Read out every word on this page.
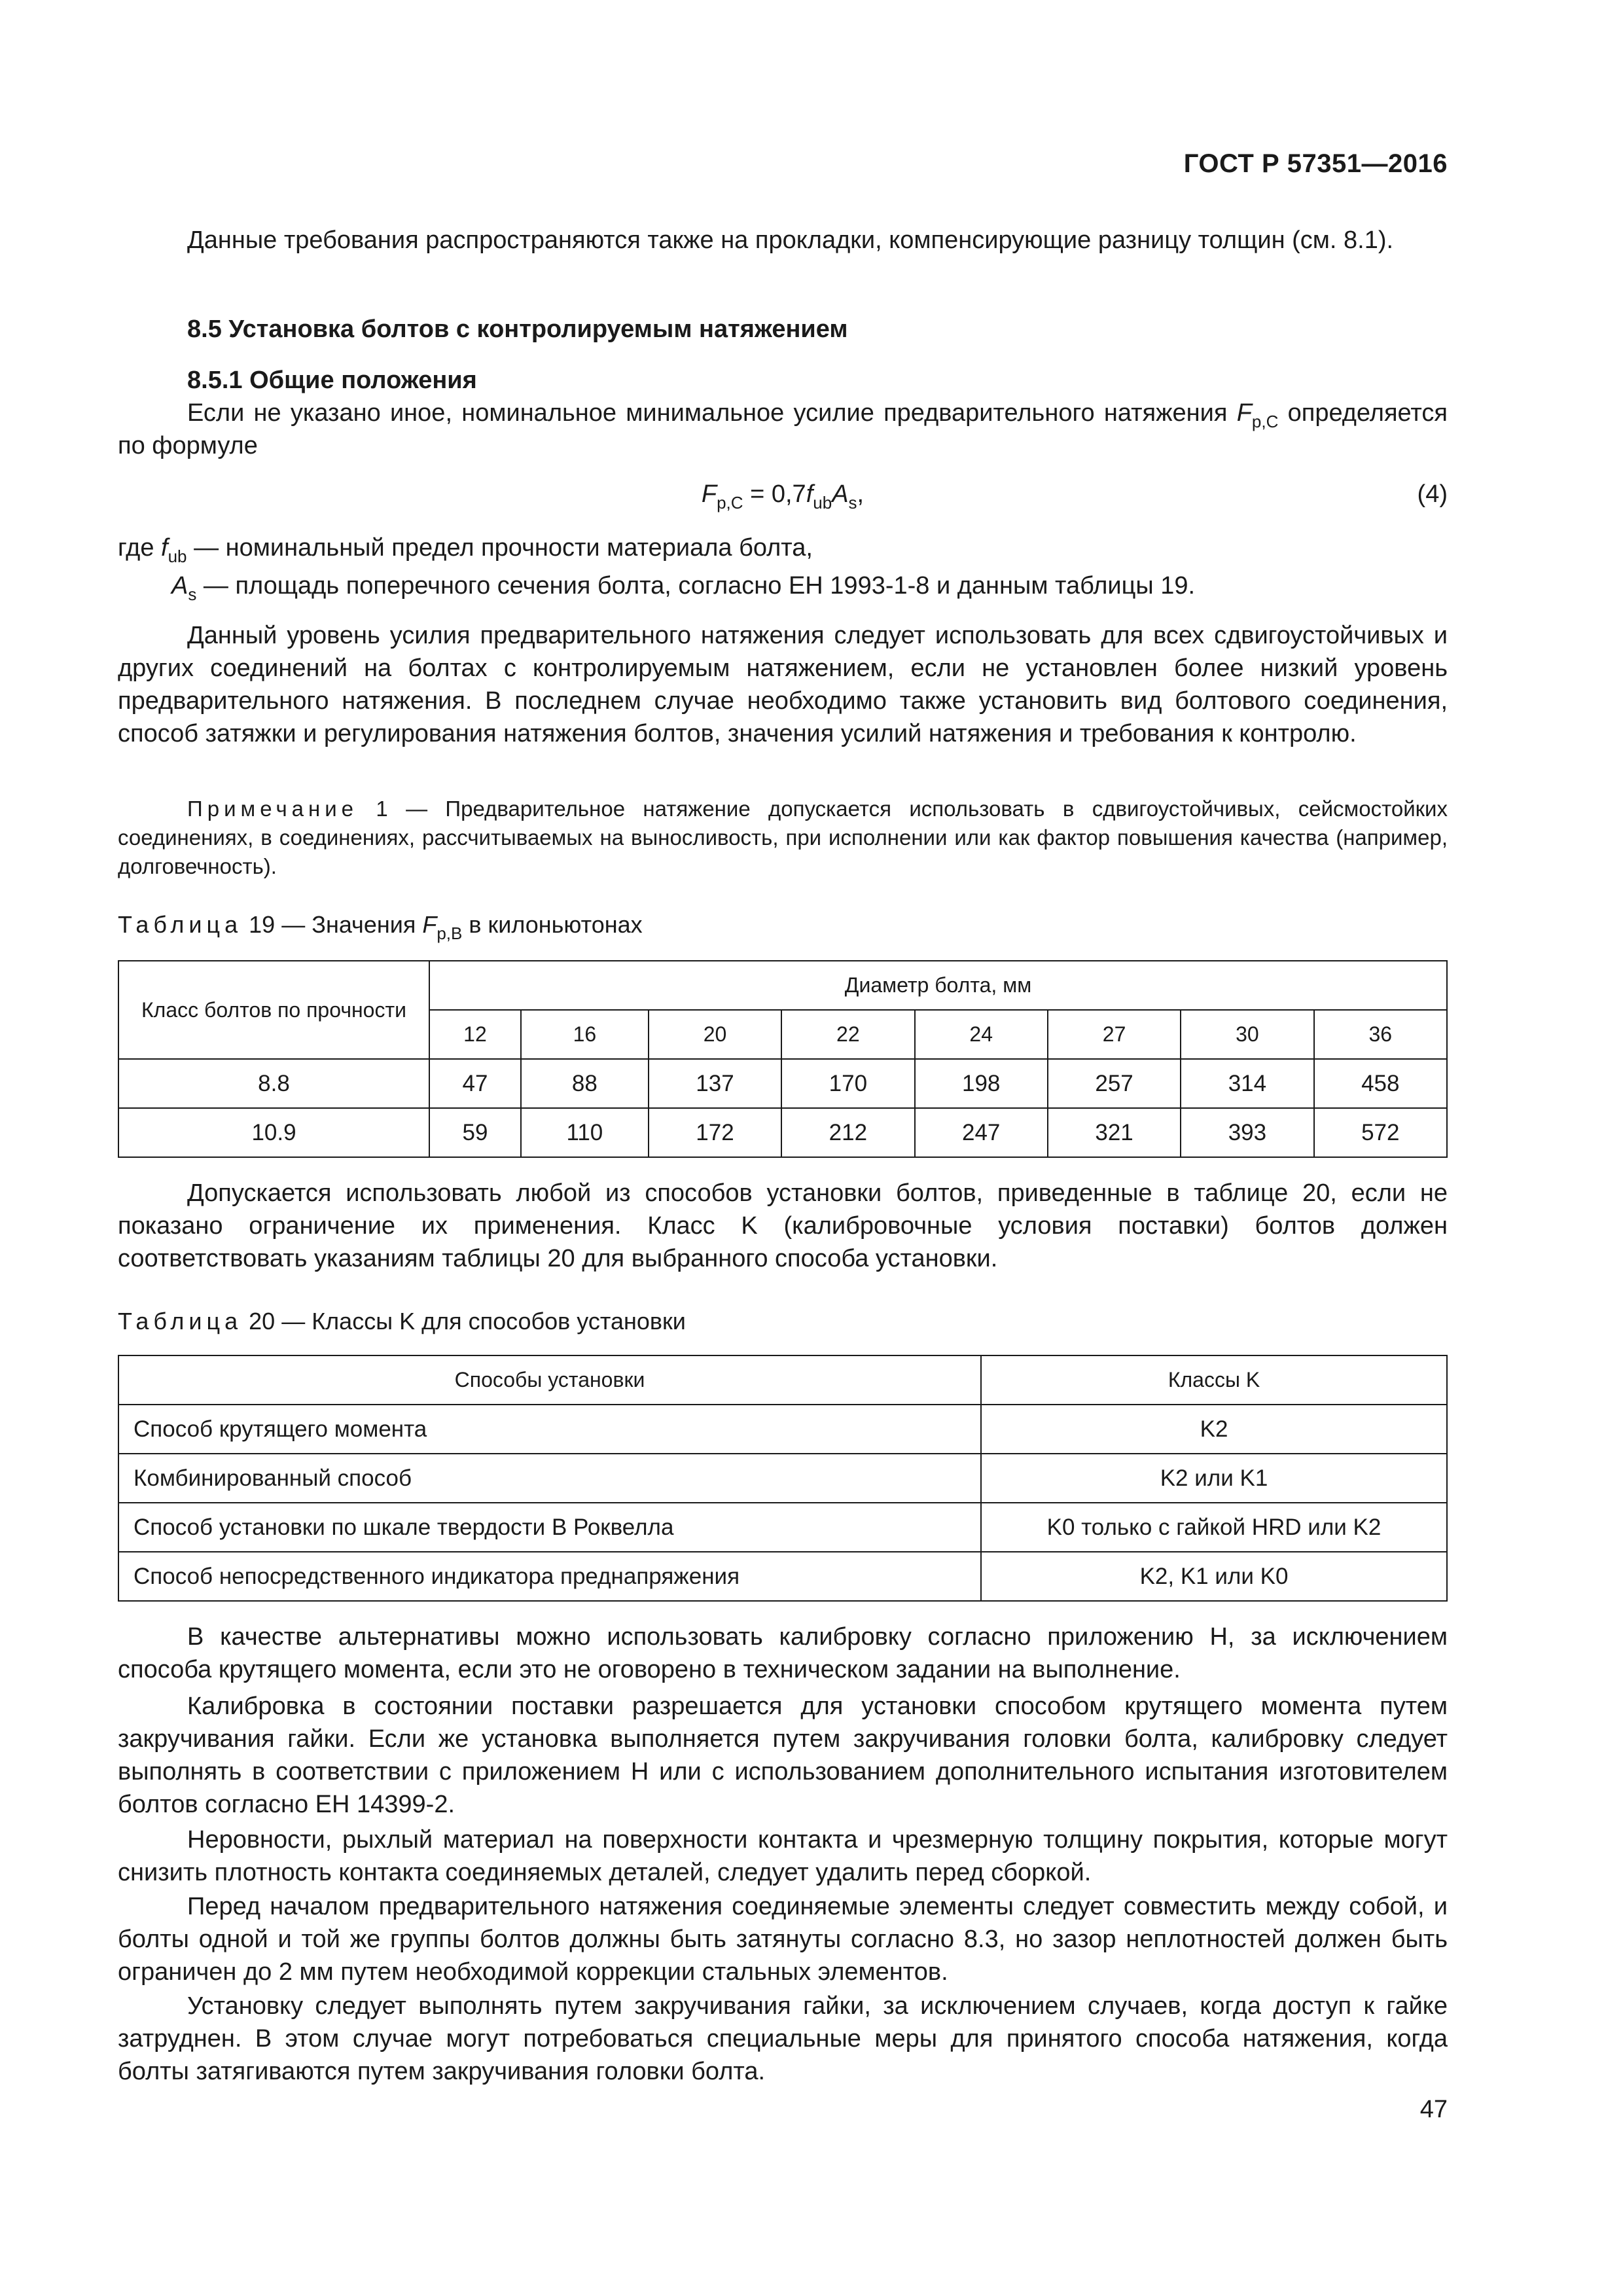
ГОСТ Р 57351—2016
Данные требования распространяются также на прокладки, компенсирующие разницу толщин (см. 8.1).
8.5 Установка болтов с контролируемым натяжением
8.5.1 Общие положения
Если не указано иное, номинальное минимальное усилие предварительного натяжения $F_{p,C}$ определяется по формуле
$F_{p,C} = 0,7f_{ub}A_s$,	(4)
где $f_{ub}$ — номинальный предел прочности материала болта,
$A_s$ — площадь поперечного сечения болта, согласно ЕН 1993-1-8 и данным таблицы 19.
Данный уровень усилия предварительного натяжения следует использовать для всех сдвигоустойчивых и других соединений на болтах с контролируемым натяжением, если не установлен более низкий уровень предварительного натяжения. В последнем случае необходимо также установить вид болтового соединения, способ затяжки и регулирования натяжения болтов, значения усилий натяжения и требования к контролю.
Примечание 1 — Предварительное натяжение допускается использовать в сдвигоустойчивых, сейсмостойких соединениях, в соединениях, рассчитываемых на выносливость, при исполнении или как фактор повышения качества (например, долговечность).
Таблица 19 — Значения $F_{p,B}$ в килоньютонах
Класс болтов по прочности	Диаметр болта, мм							
	12	16	20	22	24	27	30	36
8.8	47	88	137	170	198	257	314	458
10.9	59	110	172	212	247	321	393	572
Допускается использовать любой из способов установки болтов, приведенные в таблице 20, если не показано ограничение их применения. Класс K (калибровочные условия поставки) болтов должен соответствовать указаниям таблицы 20 для выбранного способа установки.
Таблица 20 — Классы K для способов установки
Способы установки	Классы K
Способ крутящего момента	K2
Комбинированный способ	K2 или K1
Способ установки по шкале твердости В Роквелла	K0 только с гайкой HRD или K2
Способ непосредственного индикатора преднапряжения	K2, K1 или K0
В качестве альтернативы можно использовать калибровку согласно приложению Н, за исключением способа крутящего момента, если это не оговорено в техническом задании на выполнение.
Калибровка в состоянии поставки разрешается для установки способом крутящего момента путем закручивания гайки. Если же установка выполняется путем закручивания головки болта, калибровку следует выполнять в соответствии с приложением Н или с использованием дополнительного испытания изготовителем болтов согласно ЕН 14399-2.
Неровности, рыхлый материал на поверхности контакта и чрезмерную толщину покрытия, которые могут снизить плотность контакта соединяемых деталей, следует удалить перед сборкой.
Перед началом предварительного натяжения соединяемые элементы следует совместить между собой, и болты одной и той же группы болтов должны быть затянуты согласно 8.3, но зазор неплотностей должен быть ограничен до 2 мм путем необходимой коррекции стальных элементов.
Установку следует выполнять путем закручивания гайки, за исключением случаев, когда доступ к гайке затруднен. В этом случае могут потребоваться специальные меры для принятого способа натяжения, когда болты затягиваются путем закручивания головки болта.
47
